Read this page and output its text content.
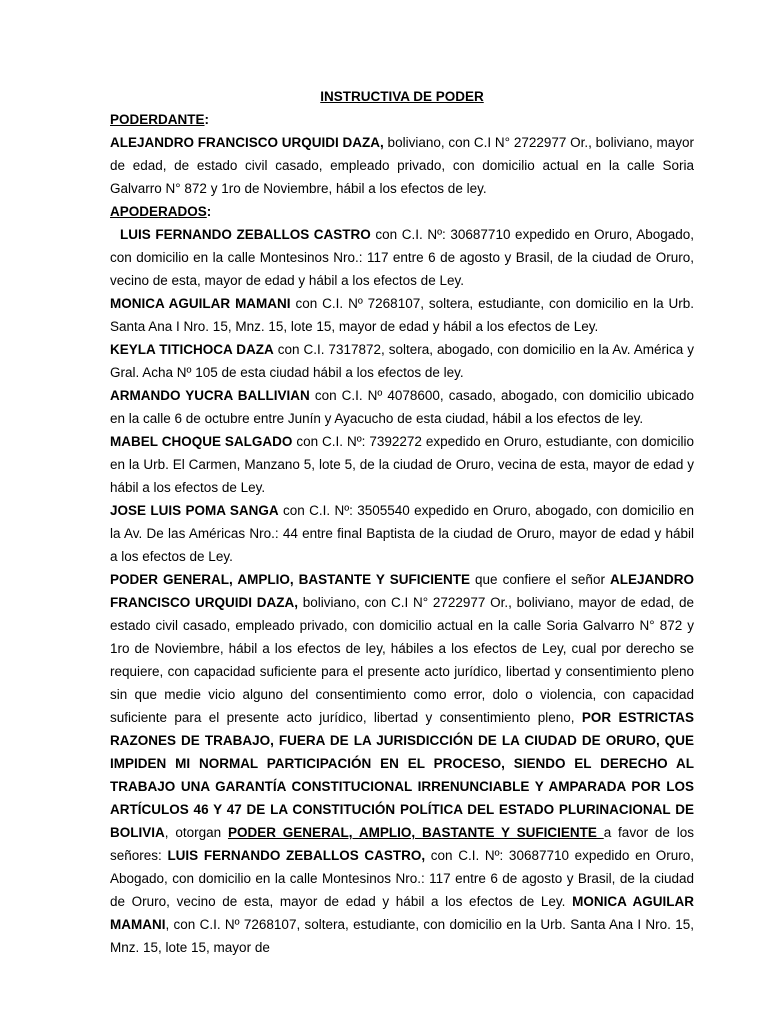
INSTRUCTIVA DE PODER

PODERDANTE:

ALEJANDRO FRANCISCO URQUIDI DAZA, boliviano, con C.I N° 2722977 Or., boliviano, mayor de edad, de estado civil casado, empleado privado, con domicilio actual en la calle Soria Galvarro N° 872 y 1ro de Noviembre, hábil a los efectos de ley.

APODERADOS:

LUIS FERNANDO ZEBALLOS CASTRO con C.I. Nº: 30687710 expedido en Oruro, Abogado, con domicilio en la calle Montesinos Nro.: 117 entre 6 de agosto y Brasil, de la ciudad de Oruro, vecino de esta, mayor de edad y hábil a los efectos de Ley.

MONICA AGUILAR MAMANI con C.I. Nº 7268107, soltera, estudiante, con domicilio en la Urb. Santa Ana I Nro. 15, Mnz. 15, lote 15, mayor de edad y hábil a los efectos de Ley.

KEYLA TITICHOCA DAZA con C.I. 7317872, soltera, abogado, con domicilio en la Av. América y Gral. Acha Nº 105 de esta ciudad hábil a los efectos de ley.

ARMANDO YUCRA BALLIVIAN con C.I. Nº 4078600, casado, abogado, con domicilio ubicado en la calle 6 de octubre entre Junín y Ayacucho de esta ciudad, hábil a los efectos de ley.

MABEL CHOQUE SALGADO con C.I. Nº: 7392272 expedido en Oruro, estudiante, con domicilio en la Urb. El Carmen, Manzano 5, lote 5, de la ciudad de Oruro, vecina de esta, mayor de edad y hábil a los efectos de Ley.

JOSE LUIS POMA SANGA con C.I. Nº: 3505540 expedido en Oruro, abogado, con domicilio en la Av. De las Américas Nro.: 44 entre final Baptista de la ciudad de Oruro, mayor de edad y hábil a los efectos de Ley.

PODER GENERAL, AMPLIO, BASTANTE Y SUFICIENTE que confiere el señor ALEJANDRO FRANCISCO URQUIDI DAZA, boliviano, con C.I N° 2722977 Or., boliviano, mayor de edad, de estado civil casado, empleado privado, con domicilio actual en la calle Soria Galvarro N° 872 y 1ro de Noviembre, hábil a los efectos de ley, hábiles a los efectos de Ley, cual por derecho se requiere, con capacidad suficiente para el presente acto jurídico, libertad y consentimiento pleno sin que medie vicio alguno del consentimiento como error, dolo o violencia, con capacidad suficiente para el presente acto jurídico, libertad y consentimiento pleno, POR ESTRICTAS RAZONES DE TRABAJO, FUERA DE LA JURISDICCIÓN DE LA CIUDAD DE ORURO, QUE IMPIDEN MI NORMAL PARTICIPACIÓN EN EL PROCESO, SIENDO EL DERECHO AL TRABAJO UNA GARANTÍA CONSTITUCIONAL IRRENUNCIABLE Y AMPARADA POR LOS ARTÍCULOS 46 Y 47 DE LA CONSTITUCIÓN POLÍTICA DEL ESTADO PLURINACIONAL DE BOLIVIA, otorgan PODER GENERAL, AMPLIO, BASTANTE Y SUFICIENTE a favor de los señores: LUIS FERNANDO ZEBALLOS CASTRO, con C.I. Nº: 30687710 expedido en Oruro, Abogado, con domicilio en la calle Montesinos Nro.: 117 entre 6 de agosto y Brasil, de la ciudad de Oruro, vecino de esta, mayor de edad y hábil a los efectos de Ley. MONICA AGUILAR MAMANI, con C.I. Nº 7268107, soltera, estudiante, con domicilio en la Urb. Santa Ana I Nro. 15, Mnz. 15, lote 15, mayor de
